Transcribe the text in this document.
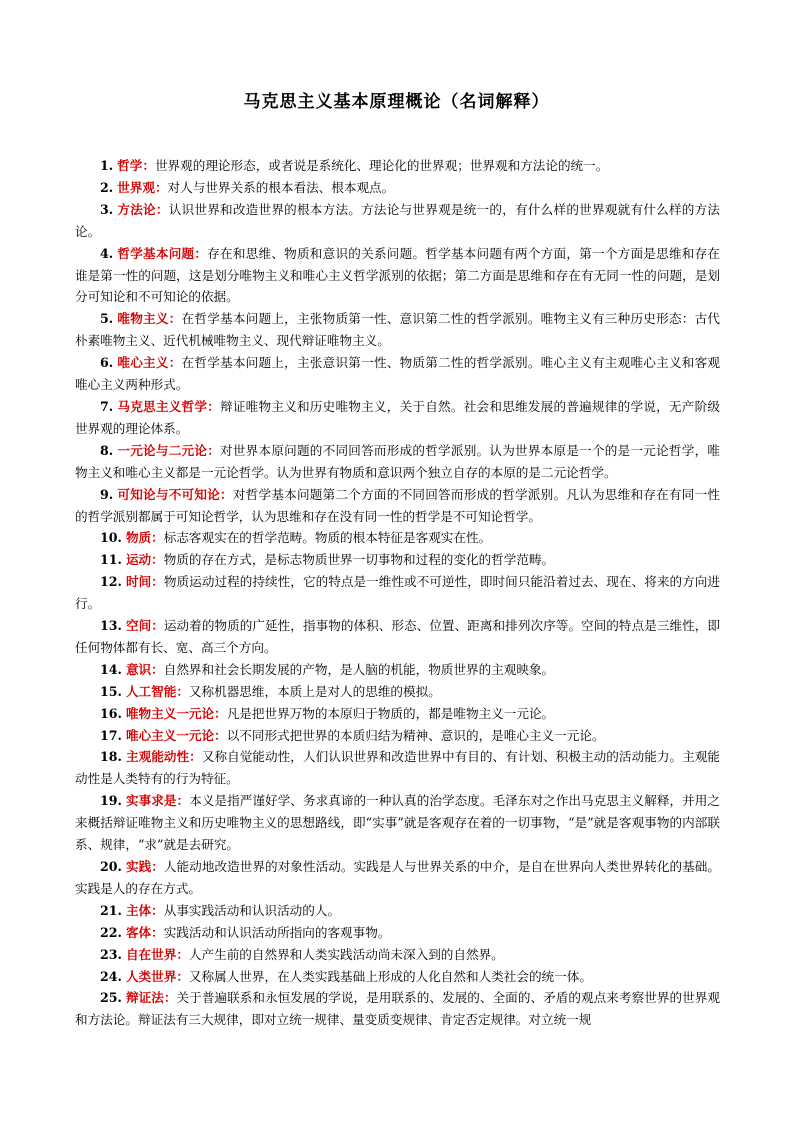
马克思主义基本原理概论（名词解释）

1. 哲学：世界观的理论形态，或者说是系统化、理论化的世界观；世界观和方法论的统一。

2. 世界观：对人与世界关系的根本看法、根本观点。

3. 方法论：认识世界和改造世界的根本方法。方法论与世界观是统一的，有什么样的世界观就有什么样的方法论。

4. 哲学基本问题：存在和思维、物质和意识的关系问题。哲学基本问题有两个方面，第一个方面是思维和存在谁是第一性的问题，这是划分唯物主义和唯心主义哲学派别的依据；第二方面是思维和存在有无同一性的问题，是划分可知论和不可知论的依据。

5. 唯物主义：在哲学基本问题上，主张物质第一性、意识第二性的哲学派别。唯物主义有三种历史形态：古代朴素唯物主义、近代机械唯物主义、现代辩证唯物主义。

6. 唯心主义：在哲学基本问题上，主张意识第一性、物质第二性的哲学派别。唯心主义有主观唯心主义和客观唯心主义两种形式。

7. 马克思主义哲学：辩证唯物主义和历史唯物主义，关于自然。社会和思维发展的普遍规律的学说，无产阶级世界观的理论体系。

8. 一元论与二元论：对世界本原问题的不同回答而形成的哲学派别。认为世界本原是一个的是一元论哲学，唯物主义和唯心主义都是一元论哲学。认为世界有物质和意识两个独立自存的本原的是二元论哲学。

9. 可知论与不可知论：对哲学基本问题第二个方面的不同回答而形成的哲学派别。凡认为思维和存在有同一性的哲学派别都属于可知论哲学，认为思维和存在没有同一性的哲学是不可知论哲学。

10. 物质：标志客观实在的哲学范畴。物质的根本特征是客观实在性。

11. 运动：物质的存在方式，是标志物质世界一切事物和过程的变化的哲学范畴。

12. 时间：物质运动过程的持续性，它的特点是一维性或不可逆性，即时间只能沿着过去、现在、将来的方向进行。

13. 空间：运动着的物质的广延性，指事物的体积、形态、位置、距离和排列次序等。空间的特点是三维性，即任何物体都有长、宽、高三个方向。

14. 意识：自然界和社会长期发展的产物，是人脑的机能，物质世界的主观映象。

15. 人工智能：又称机器思维，本质上是对人的思维的模拟。

16. 唯物主义一元论：凡是把世界万物的本原归于物质的，都是唯物主义一元论。

17. 唯心主义一元论：以不同形式把世界的本质归结为精神、意识的，是唯心主义一元论。

18. 主观能动性：又称自觉能动性，人们认识世界和改造世界中有目的、有计划、积极主动的活动能力。主观能动性是人类特有的行为特征。

19. 实事求是：本义是指严谨好学、务求真谛的一种认真的治学态度。毛泽东对之作出马克思主义解释，并用之来概括辩证唯物主义和历史唯物主义的思想路线，即“实事”就是客观存在着的一切事物，“是”就是客观事物的内部联系、规律，“求”就是去研究。

20. 实践：人能动地改造世界的对象性活动。实践是人与世界关系的中介，是自在世界向人类世界转化的基础。实践是人的存在方式。

21. 主体：从事实践活动和认识活动的人。

22. 客体：实践活动和认识活动所指向的客观事物。

23. 自在世界：人产生前的自然界和人类实践活动尚未深入到的自然界。

24. 人类世界：又称属人世界，在人类实践基础上形成的人化自然和人类社会的统一体。

25. 辩证法：关于普遍联系和永恒发展的学说，是用联系的、发展的、全面的、矛盾的观点来考察世界的世界观和方法论。辩证法有三大规律，即对立统一规律、量变质变规律、肯定否定规律。对立统一规
